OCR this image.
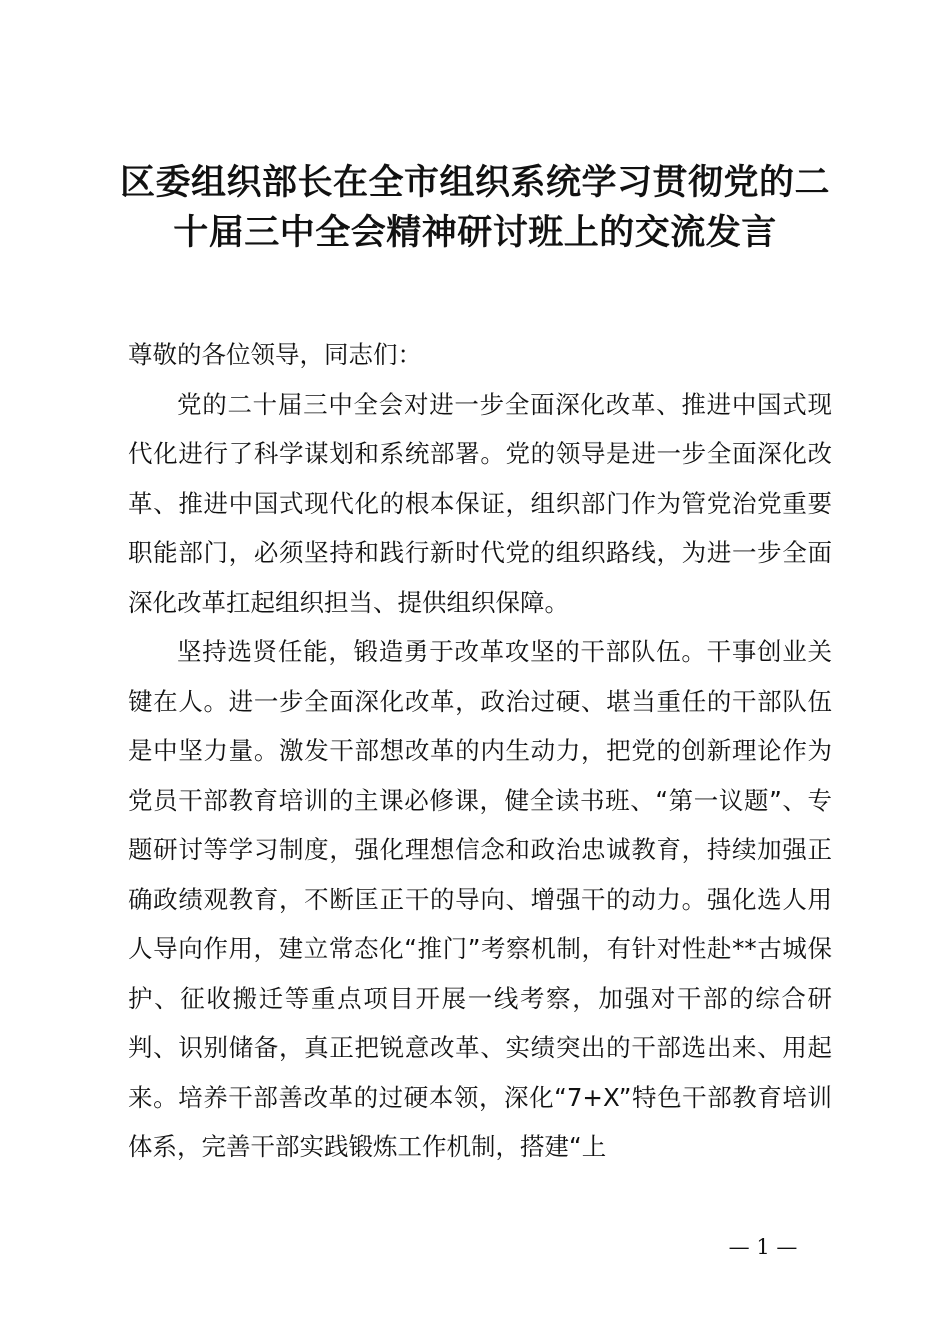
区委组织部长在全市组织系统学习贯彻党的二十届三中全会精神研讨班上的交流发言

尊敬的各位领导，同志们：

党的二十届三中全会对进一步全面深化改革、推进中国式现代化进行了科学谋划和系统部署。党的领导是进一步全面深化改革、推进中国式现代化的根本保证，组织部门作为管党治党重要职能部门，必须坚持和践行新时代党的组织路线，为进一步全面深化改革扛起组织担当、提供组织保障。

坚持选贤任能，锻造勇于改革攻坚的干部队伍。干事创业关键在人。进一步全面深化改革，政治过硬、堪当重任的干部队伍是中坚力量。激发干部想改革的内生动力，把党的创新理论作为党员干部教育培训的主课必修课，健全读书班、“第一议题”、专题研讨等学习制度，强化理想信念和政治忠诚教育，持续加强正确政绩观教育，不断匡正干的导向、增强干的动力。强化选人用人导向作用，建立常态化“推门”考察机制，有针对性赴**古城保护、征收搬迁等重点项目开展一线考察，加强对干部的综合研判、识别储备，真正把锐意改革、实绩突出的干部选出来、用起来。培养干部善改革的过硬本领，深化“7+X”特色干部教育培训体系，完善干部实践锻炼工作机制，搭建“上

— 1 —
